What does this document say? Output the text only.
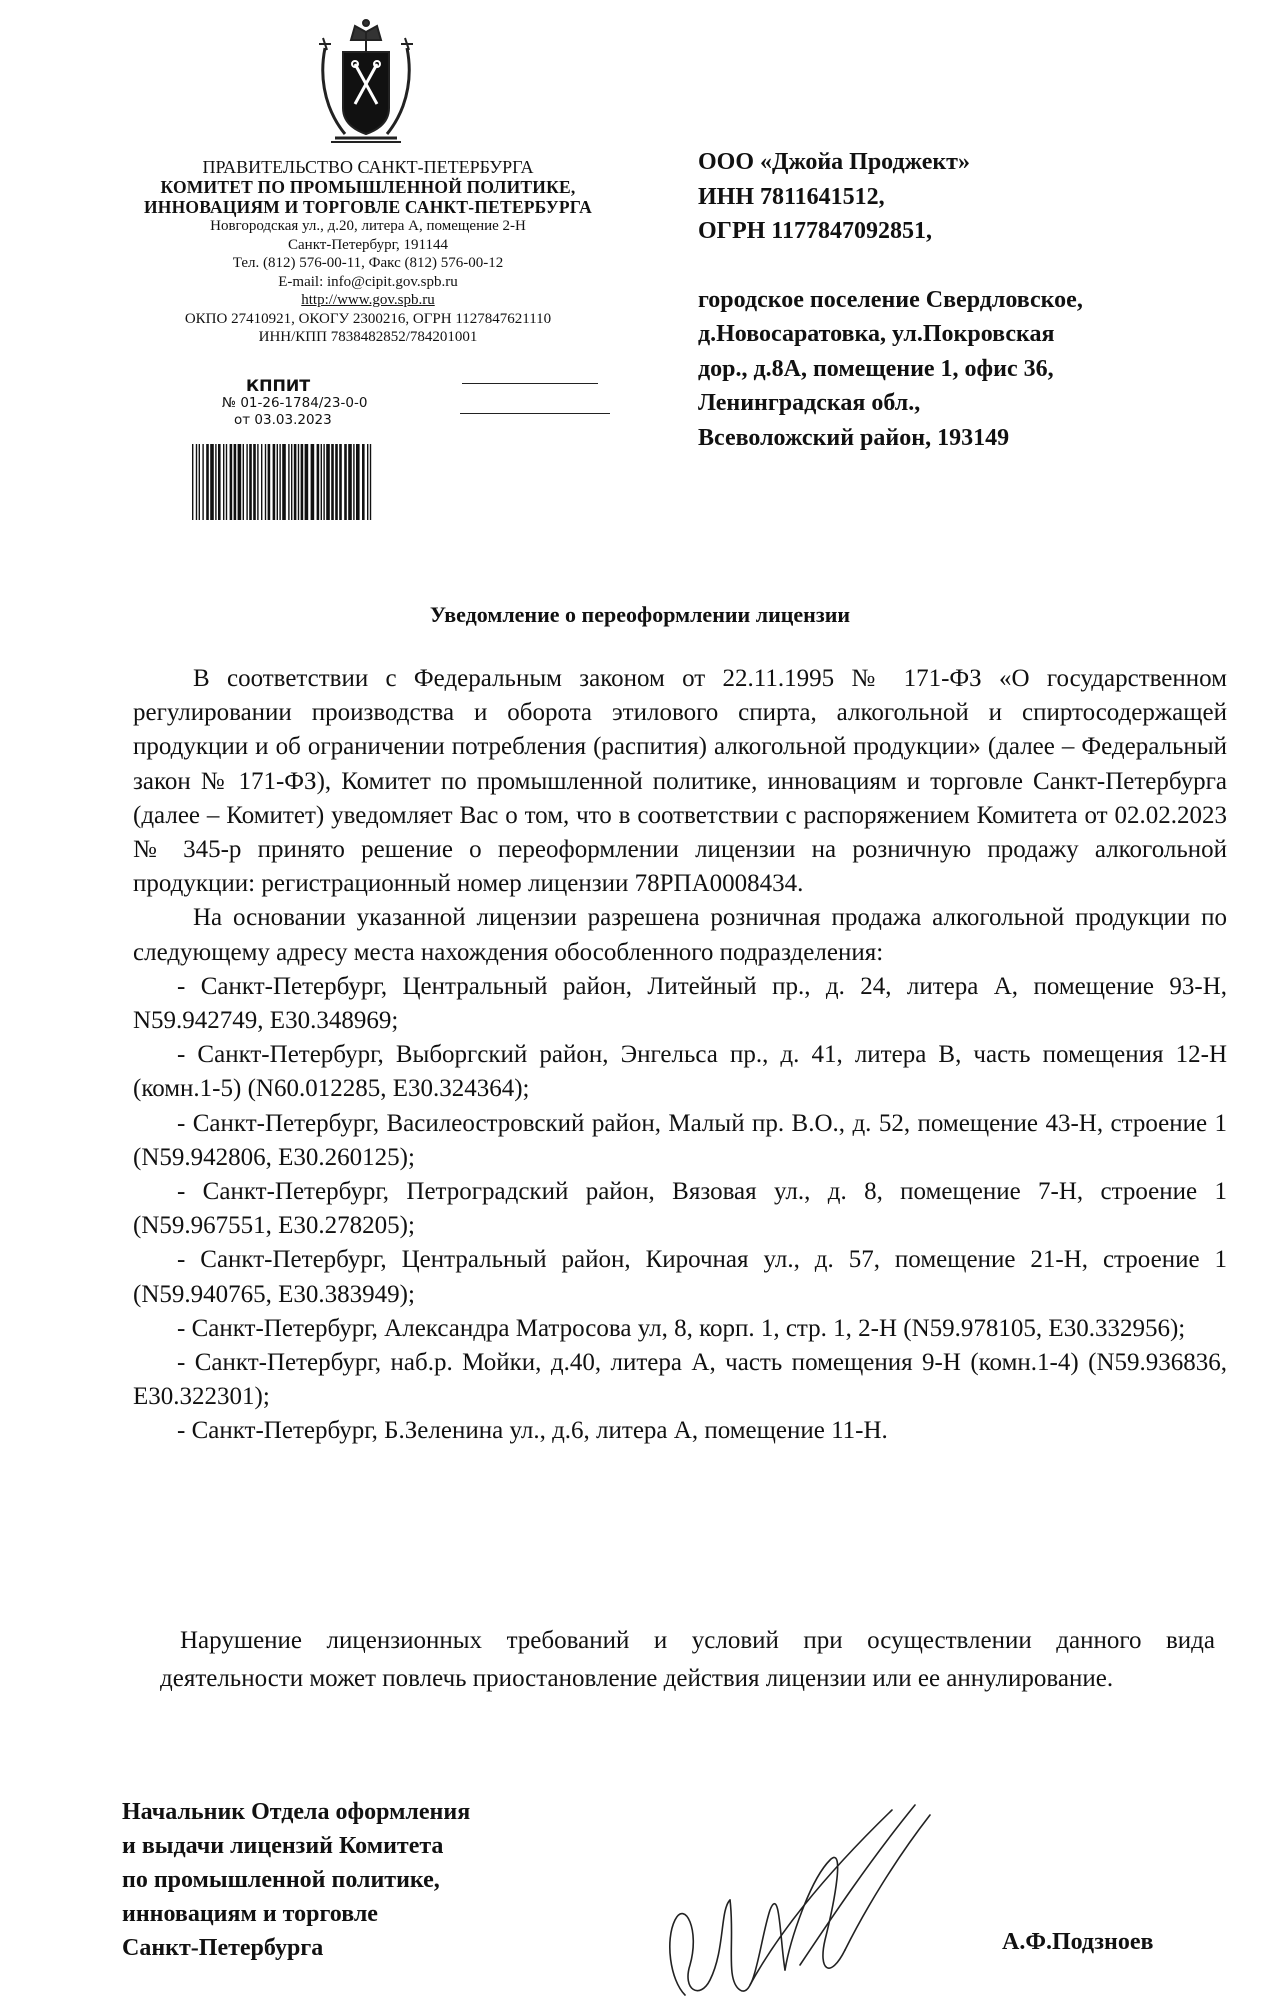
ПРАВИТЕЛЬСТВО САНКТ-ПЕТЕРБУРГА
КОМИТЕТ ПО ПРОМЫШЛЕННОЙ ПОЛИТИКЕ,
ИННОВАЦИЯМ И ТОРГОВЛЕ САНКТ-ПЕТЕРБУРГА
Новгородская ул., д.20, литера А, помещение 2-Н
Санкт-Петербург, 191144
Тел. (812) 576-00-11, Факс (812) 576-00-12
E-mail: info@cipit.gov.spb.ru
http://www.gov.spb.ru
ОКПО 27410921, ОКОГУ 2300216, ОГРН 1127847621110
ИНН/КПП 7838482852/784201001
КППИТ
№ 01-26-1784/23-0-0
от 03.03.2023
ООО «Джойа Проджект»
ИНН 7811641512,
ОГРН 1177847092851,
городское поселение Свердловское,
д.Новосаратовка, ул.Покровская
дор., д.8А, помещение 1, офис 36,
Ленинградская обл.,
Всеволожский район, 193149
Уведомление о переоформлении лицензии

В соответствии с Федеральным законом от 22.11.1995 № 171-ФЗ «О государственном регулировании производства и оборота этилового спирта, алкогольной и спиртосодержащей продукции и об ограничении потребления (распития) алкогольной продукции» (далее – Федеральный закон № 171-ФЗ), Комитет по промышленной политике, инновациям и торговле Санкт-Петербурга (далее – Комитет) уведомляет Вас о том, что в соответствии с распоряжением Комитета от 02.02.2023 № 345-р принято решение о переоформлении лицензии на розничную продажу алкогольной продукции: регистрационный номер лицензии 78РПА0008434.

На основании указанной лицензии разрешена розничная продажа алкогольной продукции по следующему адресу места нахождения обособленного подразделения:

- Санкт-Петербург, Центральный район, Литейный пр., д. 24, литера А, помещение 93-Н, N59.942749, E30.348969;

- Санкт-Петербург, Выборгский район, Энгельса пр., д. 41, литера В, часть помещения 12-Н (комн.1-5) (N60.012285, E30.324364);

- Санкт-Петербург, Василеостровский район, Малый пр. В.О., д. 52, помещение 43-Н, строение 1 (N59.942806, E30.260125);

- Санкт-Петербург, Петроградский район, Вязовая ул., д. 8, помещение 7-Н, строение 1 (N59.967551, E30.278205);

- Санкт-Петербург, Центральный район, Кирочная ул., д. 57, помещение 21-Н, строение 1 (N59.940765, E30.383949);

- Санкт-Петербург, Александра Матросова ул, 8, корп. 1, стр. 1, 2-Н (N59.978105, E30.332956);

- Санкт-Петербург, наб.р. Мойки, д.40, литера А, часть помещения 9-Н (комн.1-4) (N59.936836, E30.322301);

- Санкт-Петербург, Б.Зеленина ул., д.6, литера А, помещение 11-Н.

Нарушение лицензионных требований и условий при осуществлении данного вида деятельности может повлечь приостановление действия лицензии или ее аннулирование.

Начальник Отдела оформления
и выдачи лицензий Комитета
по промышленной политике,
инновациям и торговле
Санкт-Петербурга	А.Ф.Подзноев
